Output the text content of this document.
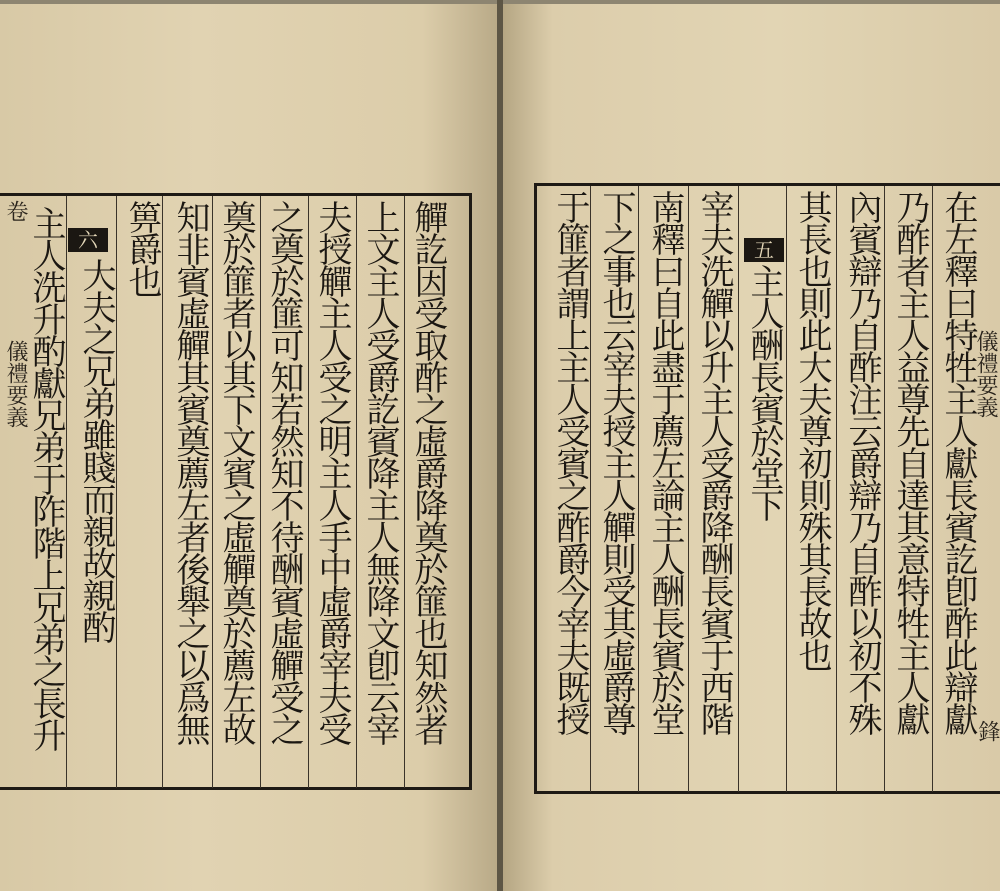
大夫之兄弟雖賤而親故親酌
主人洗升酌獻兄弟于阼階上兄弟之長升 箅爵也 知非賓虛觶其賓奠薦左者後舉之以爲無 奠於篚者以其下文賓之虛觶奠於薦左故 之奠於篚可知若然知不待酬賓虛觶受之 夫授觶主人受之明主人手中虛爵宰夫受 上文主人受爵訖賓降主人無降文卽云宰 觶訖因受取酢之虛爵降奠於篚也知然者
六	于篚者謂上主人受賓之酢爵今宰夫既授 下之事也云宰夫授主人觶則受其虛爵尊 南釋曰自此盡于薦左論主人酬長賓於堂 宰夫洗觶以升主人受爵降酬長賓于西階 主人酬長賓於堂下 其長也則此大夫尊初則殊其長故也 內賓辯乃自酢注云爵辯乃自酢以初不殊 乃酢者主人益尊先自達其意特牲主人獻 在左釋曰特牲主人獻長賓訖卽酢此辯獻
五
卷
儀禮要義	儀禮要義
鋒
